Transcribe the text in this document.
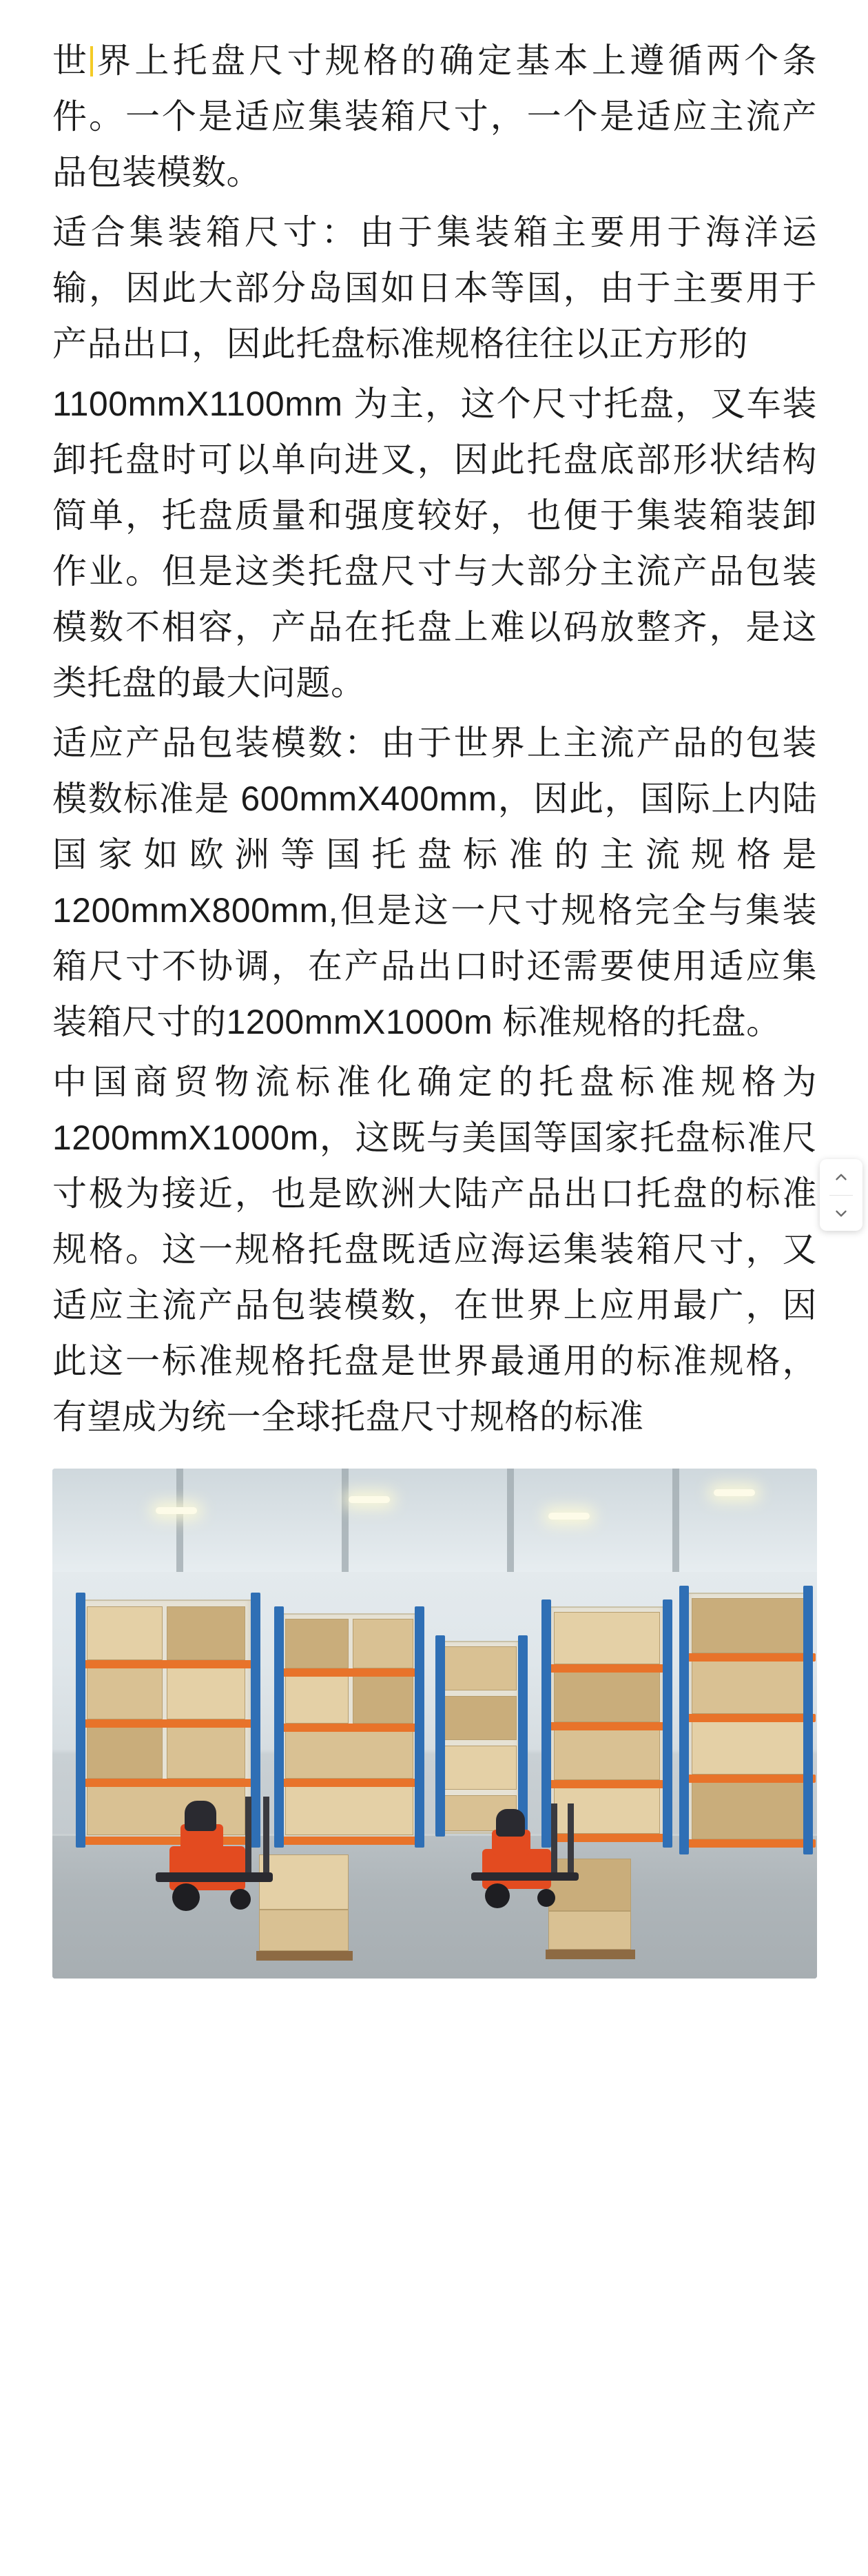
世界上托盘尺寸规格的确定基本上遵循两个条件。一个是适应集装箱尺寸，一个是适应主流产品包装模数。

适合集装箱尺寸：由于集装箱主要用于海洋运输，因此大部分岛国如日本等国，由于主要用于产品出口，因此托盘标准规格往往以正方形的

1100mmX1100mm 为主，这个尺寸托盘，叉车装卸托盘时可以单向进叉，因此托盘底部形状结构简单，托盘质量和强度较好，也便于集装箱装卸作业。但是这类托盘尺寸与大部分主流产品包装模数不相容，产品在托盘上难以码放整齐，是这类托盘的最大问题。

适应产品包装模数：由于世界上主流产品的包装模数标准是 600mmX400mm，因此，国际上内陆国家如欧洲等国托盘标准的主流规格是1200mmX800mm,但是这一尺寸规格完全与集装箱尺寸不协调，在产品出口时还需要使用适应集装箱尺寸的1200mmX1000m 标准规格的托盘。

中国商贸物流标准化确定的托盘标准规格为1200mmX1000m，这既与美国等国家托盘标准尺寸极为接近，也是欧洲大陆产品出口托盘的标准规格。这一规格托盘既适应海运集装箱尺寸，又适应主流产品包装模数，在世界上应用最广，因此这一标准规格托盘是世界最通用的标准规格，有望成为统一全球托盘尺寸规格的标准
